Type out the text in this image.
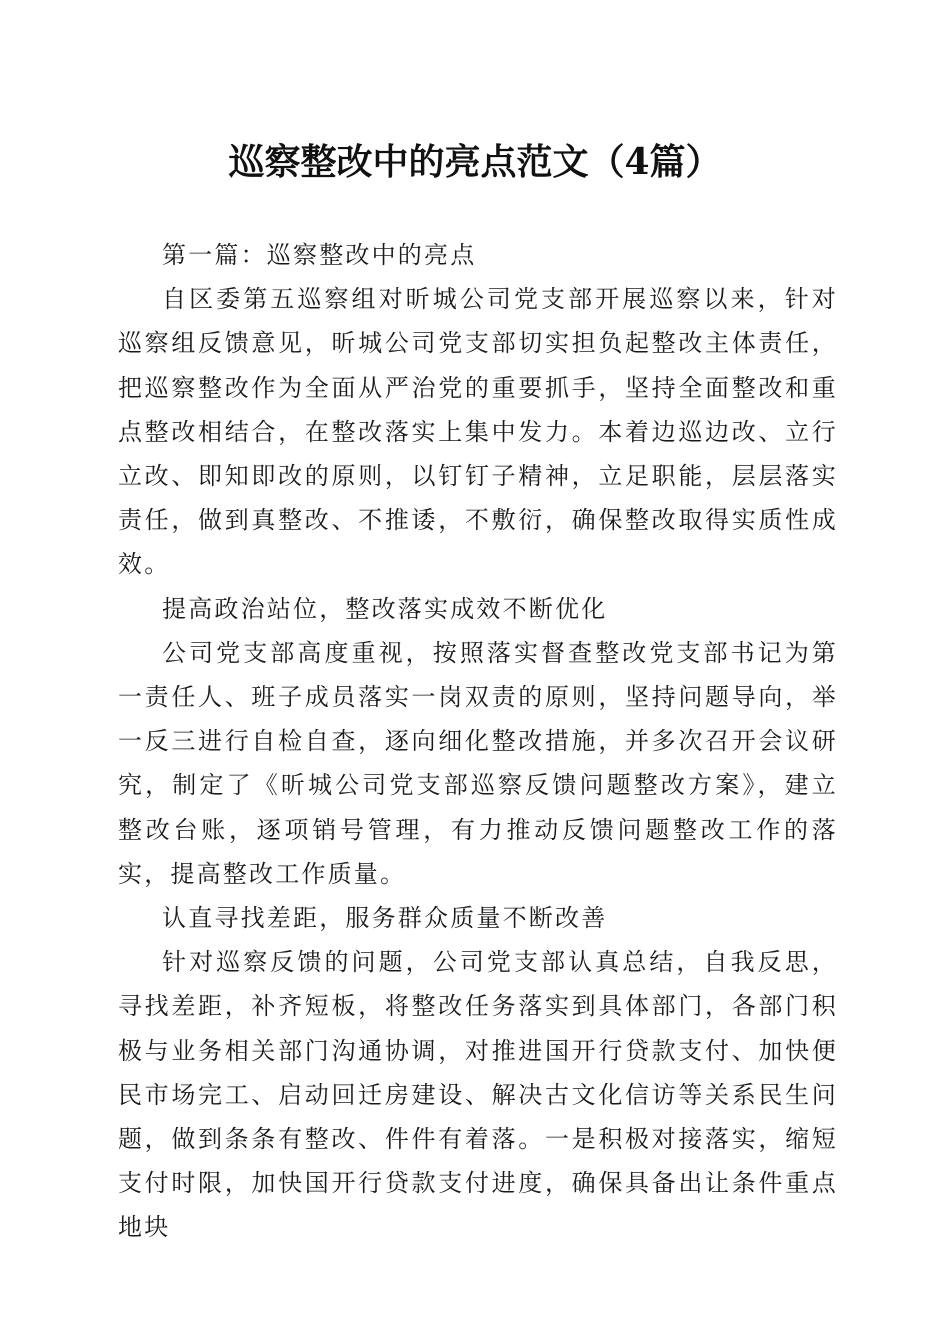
巡察整改中的亮点范文（4篇）

第一篇：巡察整改中的亮点

自区委第五巡察组对昕城公司党支部开展巡察以来，针对巡察组反馈意见，昕城公司党支部切实担负起整改主体责任，把巡察整改作为全面从严治党的重要抓手，坚持全面整改和重点整改相结合，在整改落实上集中发力。本着边巡边改、立行立改、即知即改的原则，以钉钉子精神，立足职能，层层落实责任，做到真整改、不推诿，不敷衍，确保整改取得实质性成效。

提高政治站位，整改落实成效不断优化

公司党支部高度重视，按照落实督查整改党支部书记为第一责任人、班子成员落实一岗双责的原则，坚持问题导向，举一反三进行自检自查，逐向细化整改措施，并多次召开会议研究，制定了《昕城公司党支部巡察反馈问题整改方案》，建立整改台账，逐项销号管理，有力推动反馈问题整改工作的落实，提高整改工作质量。

认直寻找差距，服务群众质量不断改善

针对巡察反馈的问题，公司党支部认真总结，自我反思，寻找差距，补齐短板，将整改任务落实到具体部门，各部门积极与业务相关部门沟通协调，对推进国开行贷款支付、加快便民市场完工、启动回迁房建设、解决古文化信访等关系民生问题，做到条条有整改、件件有着落。一是积极对接落实，缩短支付时限，加快国开行贷款支付进度，确保具备出让条件重点地块
